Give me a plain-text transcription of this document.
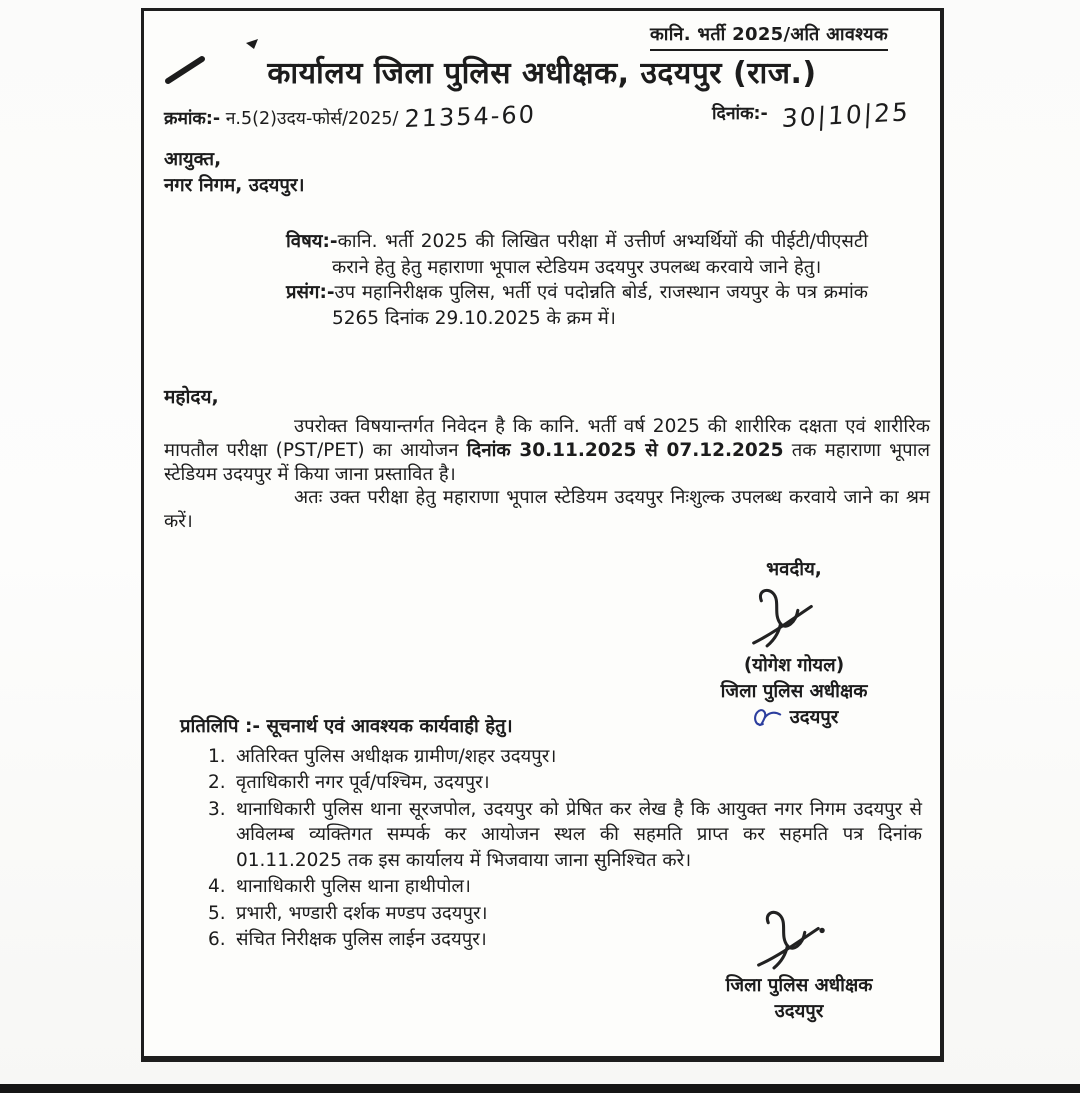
कानि. भर्ती 2025/अति आवश्यक
कार्यालय जिला पुलिस अधीक्षक, उदयपुर (राज.)
क्रमांक:- न.5(2)उदय-फोर्स/2025/ 21354-60	दिनांक:- 30|10|25
आयुक्त,
नगर निगम, उदयपुर।

विषय:-कानि. भर्ती 2025 की लिखित परीक्षा में उत्तीर्ण अभ्यर्थियों की पीईटी/पीएसटी कराने हेतु हेतु महाराणा भूपाल स्टेडियम उदयपुर उपलब्ध करवाये जाने हेतु।

प्रसंग:-उप महानिरीक्षक पुलिस, भर्ती एवं पदोन्नति बोर्ड, राजस्थान जयपुर के पत्र क्रमांक 5265 दिनांक 29.10.2025 के क्रम में।

महोदय,

उपरोक्त विषयान्तर्गत निवेदन है कि कानि. भर्ती वर्ष 2025 की शारीरिक दक्षता एवं शारीरिक मापतौल परीक्षा (PST/PET) का आयोजन दिनांक 30.11.2025 से 07.12.2025 तक महाराणा भूपाल स्टेडियम उदयपुर में किया जाना प्रस्तावित है।

अतः उक्त परीक्षा हेतु महाराणा भूपाल स्टेडियम उदयपुर निःशुल्क उपलब्ध करवाये जाने का श्रम करें।

भवदीय,
(योगेश गोयल)
जिला पुलिस अधीक्षक
उदयपुर

प्रतिलिपि :- सूचनार्थ एवं आवश्यक कार्यवाही हेतु।

अतिरिक्त पुलिस अधीक्षक ग्रामीण/शहर उदयपुर।
वृताधिकारी नगर पूर्व/पश्चिम, उदयपुर।
थानाधिकारी पुलिस थाना सूरजपोल, उदयपुर को प्रेषित कर लेख है कि आयुक्त नगर निगम उदयपुर से अविलम्ब व्यक्तिगत सम्पर्क कर आयोजन स्थल की सहमति प्राप्त कर सहमति पत्र दिनांक 01.11.2025 तक इस कार्यालय में भिजवाया जाना सुनिश्चित करे।
थानाधिकारी पुलिस थाना हाथीपोल।
प्रभारी, भण्डारी दर्शक मण्डप उदयपुर।
संचित निरीक्षक पुलिस लाईन उदयपुर।
जिला पुलिस अधीक्षक
उदयपुर
